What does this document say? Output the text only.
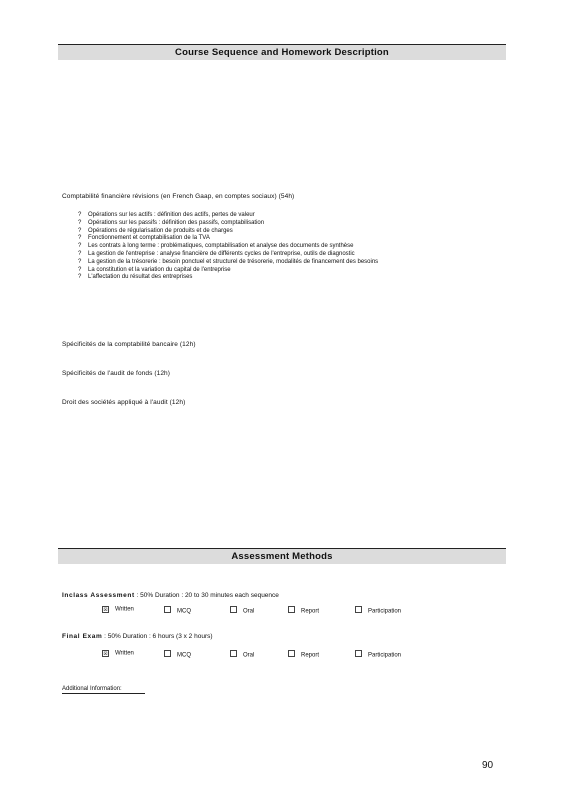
Course Sequence and Homework Description
Comptabilité financière révisions (en French Gaap, en comptes sociaux) (54h)
? Opérations sur les actifs : définition des actifs, pertes de valeur
? Opérations sur les passifs : définition des passifs, comptabilisation
? Opérations de régularisation de produits et de charges
? Fonctionnement et comptabilisation de la TVA
? Les contrats à long terme : problématiques, comptabilisation et analyse des documents de synthèse
? La gestion de l'entreprise : analyse financière de différents cycles de l'entreprise, outils de diagnostic
? La gestion de la trésorerie : besoin ponctuel et structurel de trésorerie, modalités de financement des besoins
? La constitution et la variation du capital de l'entreprise
? L'affectation du résultat des entreprises
Spécificités de la comptabilité bancaire (12h)
Spécificités de l'audit de fonds (12h)
Droit des sociétés appliqué à l'audit (12h)
Assessment Methods
Inclass Assessment : 50% Duration : 20 to 30 minutes each sequence
☒ Written	MCQ	Oral	Report	Participation
Final Exam : 50% Duration : 6 hours (3 x 2 hours)
☒ Written	MCQ	Oral	Report	Participation
Additional Information:
90
